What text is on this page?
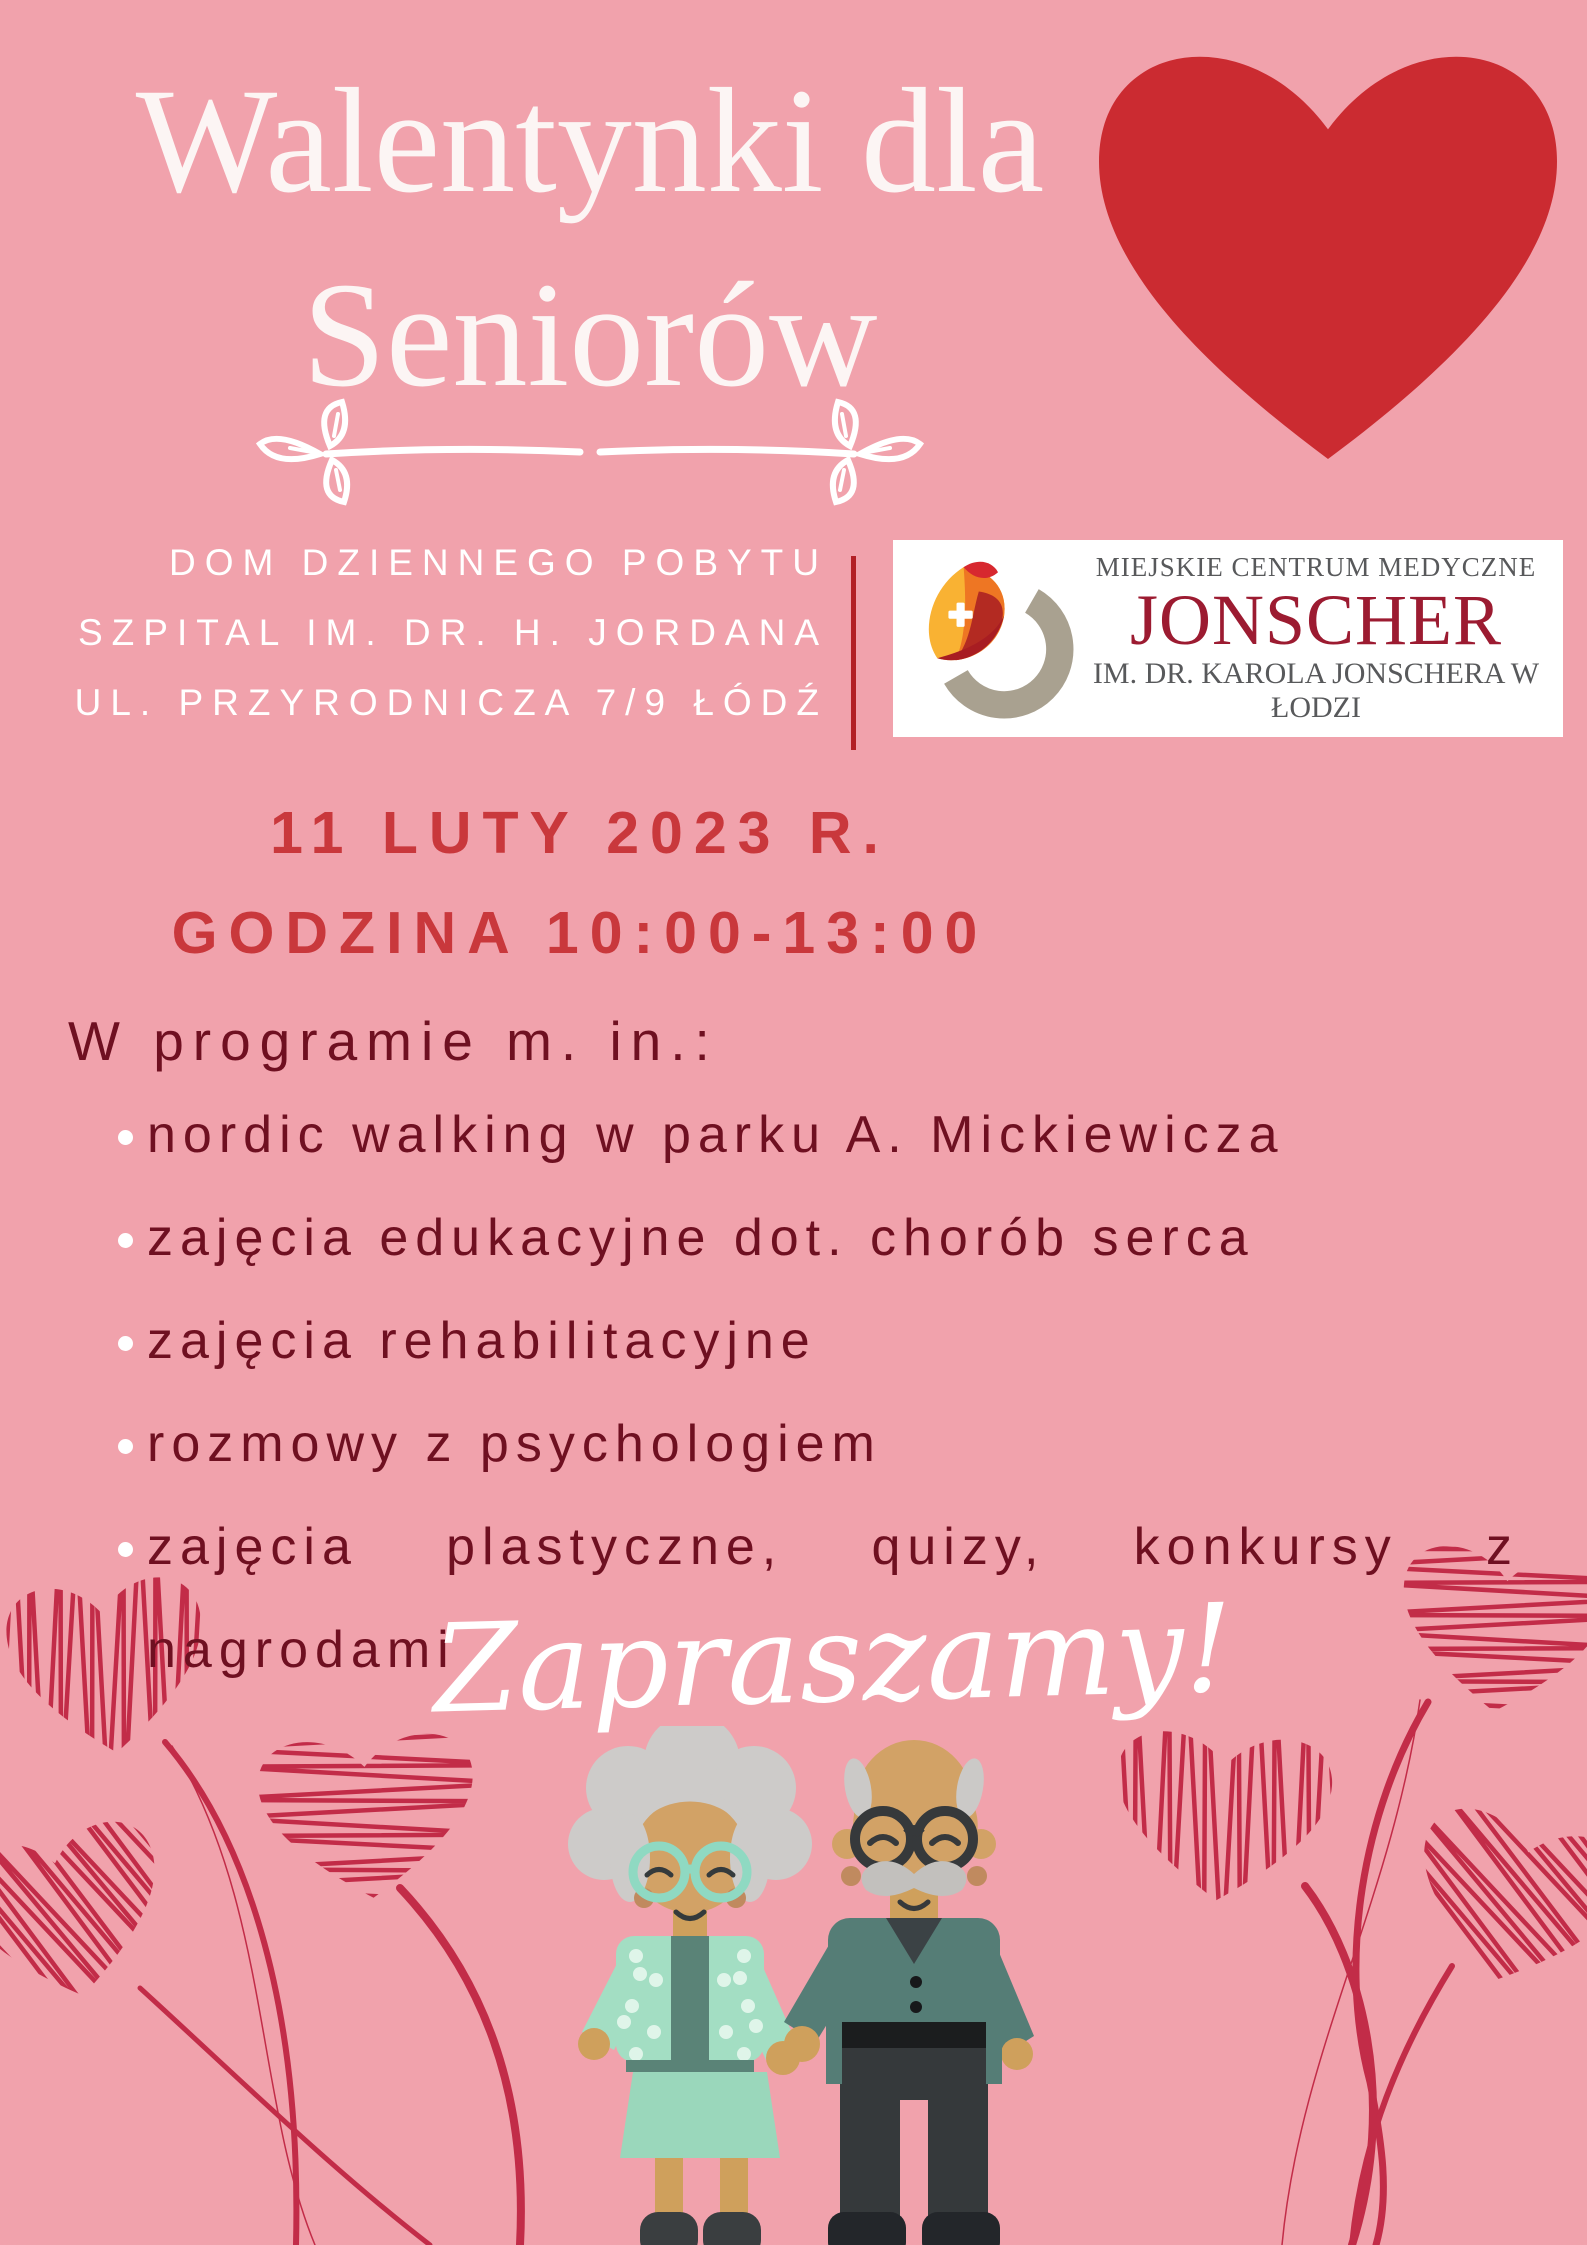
Walentynki dla
Seniorów
DOM DZIENNEGO POBYTU
SZPITAL IM. DR. H. JORDANA
UL. PRZYRODNICZA 7/9 ŁÓDŹ
MIEJSKIE CENTRUM MEDYCZNE
JONSCHER
IM. DR. KAROLA JONSCHERA W ŁODZI
11 LUTY 2023 R.
GODZINA 10:00-13:00
W programie m. in.:
nordic walking w parku A. Mickiewicza
zajęcia edukacyjne dot. chorób serca
zajęcia rehabilitacyjne
rozmowy z psychologiem
zajęcia plastyczne, quizy, konkursy z
nagrodami
Zapraszamy!
